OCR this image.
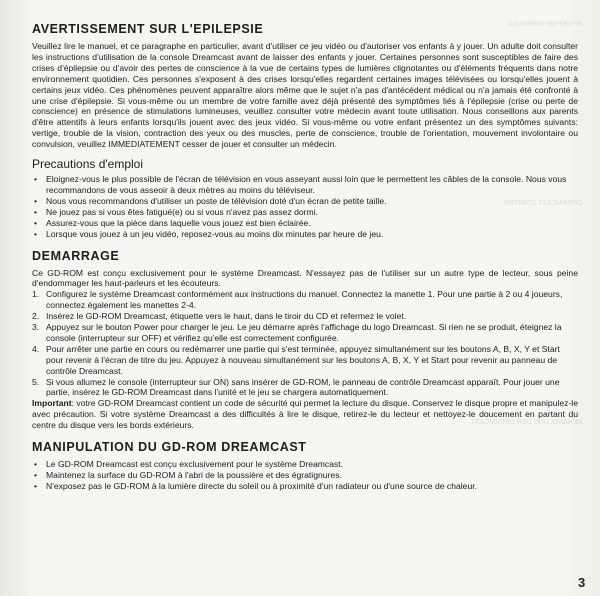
EPILEPSIE-WARNUNG
DREAMCAST STARTEN
BEHANDLUNG DER DREAMCAST
AVERTISSEMENT SUR L'EPILEPSIE

Veuillez lire le manuel, et ce paragraphe en particulier, avant d'utiliser ce jeu vidéo ou d'autoriser vos enfants à y jouer. Un adulte doit consulter les instructions d'utilisation de la console Dreamcast avant de laisser des enfants y jouer. Certaines personnes sont susceptibles de faire des crises d'épilepsie ou d'avoir des pertes de conscience à la vue de certains types de lumières clignotantes ou d'éléments fréquents dans notre environnement quotidien. Ces personnes s'exposent à des crises lorsqu'elles regardent certaines images télévisées ou lorsqu'elles jouent à certains jeux vidéo. Ces phénomènes peuvent apparaître alors même que le sujet n'a pas d'antécédent médical ou n'a jamais été confronté à une crise d'épilepsie. Si vous-même ou un membre de votre famille avez déjà présenté des symptômes liés à l'épilepsie (crise ou perte de conscience) en présence de stimulations lumineuses, veuillez consulter votre médecin avant toute utilisation. Nous conseillons aux parents d'être attentifs à leurs enfants lorsqu'ils jouent avec des jeux vidéo. Si vous-même ou votre enfant présentez un des symptômes suivants: vertige, trouble de la vision, contraction des yeux ou des muscles, perte de conscience, trouble de l'orientation, mouvement involontaire ou convulsion, veuillez IMMEDIATEMENT cesser de jouer et consulter un médecin.

Precautions d'emploi
• Eloignez-vous le plus possible de l'écran de télévision en vous asseyant aussi loin que le permettent les câbles de la console. Nous vous recommandons de vous asseoir à deux mètres au moins du téléviseur.
• Nous vous recommandons d'utiliser un poste de télévision doté d'un écran de petite taille.
• Ne jouez pas si vous êtes fatigué(e) ou si vous n'avez pas assez dormi.
• Assurez-vous que la pièce dans laquelle vous jouez est bien éclairée.
• Lorsque vous jouez à un jeu vidéo, reposez-vous au moins dix minutes par heure de jeu.
DEMARRAGE

Ce GD-ROM est conçu exclusivement pour le système Dreamcast. N'essayez pas de l'utiliser sur un autre type de lecteur, sous peine d'endommager les haut-parleurs et les écouteurs.

1. Configurez le système Dreamcast conformément aux instructions du manuel. Connectez la manette 1. Pour une partie à 2 ou 4 joueurs, connectez également les manettes 2-4.
2. Insérez le GD-ROM Dreamcast, étiquette vers le haut, dans le tiroir du CD et refermez le volet.
3. Appuyez sur le bouton Power pour charger le jeu. Le jeu démarre après l'affichage du logo Dreamcast. Si rien ne se produit, éteignez la console (interrupteur sur OFF) et vérifiez qu'elle est correctement configurée.
4. Pour arrêter une partie en cours ou redémarrer une partie qui s'est terminée, appuyez simultanément sur les boutons A, B, X, Y et Start pour revenir à l'écran de titre du jeu. Appuyez à nouveau simultanément sur les boutons A, B, X, Y et Start pour revenir au panneau de contrôle Dreamcast.
5. Si vous allumez le console (interrupteur sur ON) sans insérer de GD-ROM, le panneau de contrôle Dreamcast apparaît. Pour jouer une partie, insérez le GD-ROM Dreamcast dans l'unité et le jeu se chargera automatiquement.

Important: votre GD-ROM Dreamcast contient un code de sécurité qui permet la lecture du disque. Conservez le disque propre et manipulez-le avec précaution. Si votre système Dreamcast a des difficultés à lire le disque, retirez-le du lecteur et nettoyez-le doucement en partant du centre du disque vers les bords extérieurs.

MANIPULATION DU GD-ROM DREAMCAST
• Le GD-ROM Dreamcast est conçu exclusivement pour le système Dreamcast.
• Maintenez la surface du GD-ROM à l'abri de la poussière et des égratignures.
• N'exposez pas le GD-ROM à la lumière directe du soleil ou à proximité d'un radiateur ou d'une source de chaleur.
3
